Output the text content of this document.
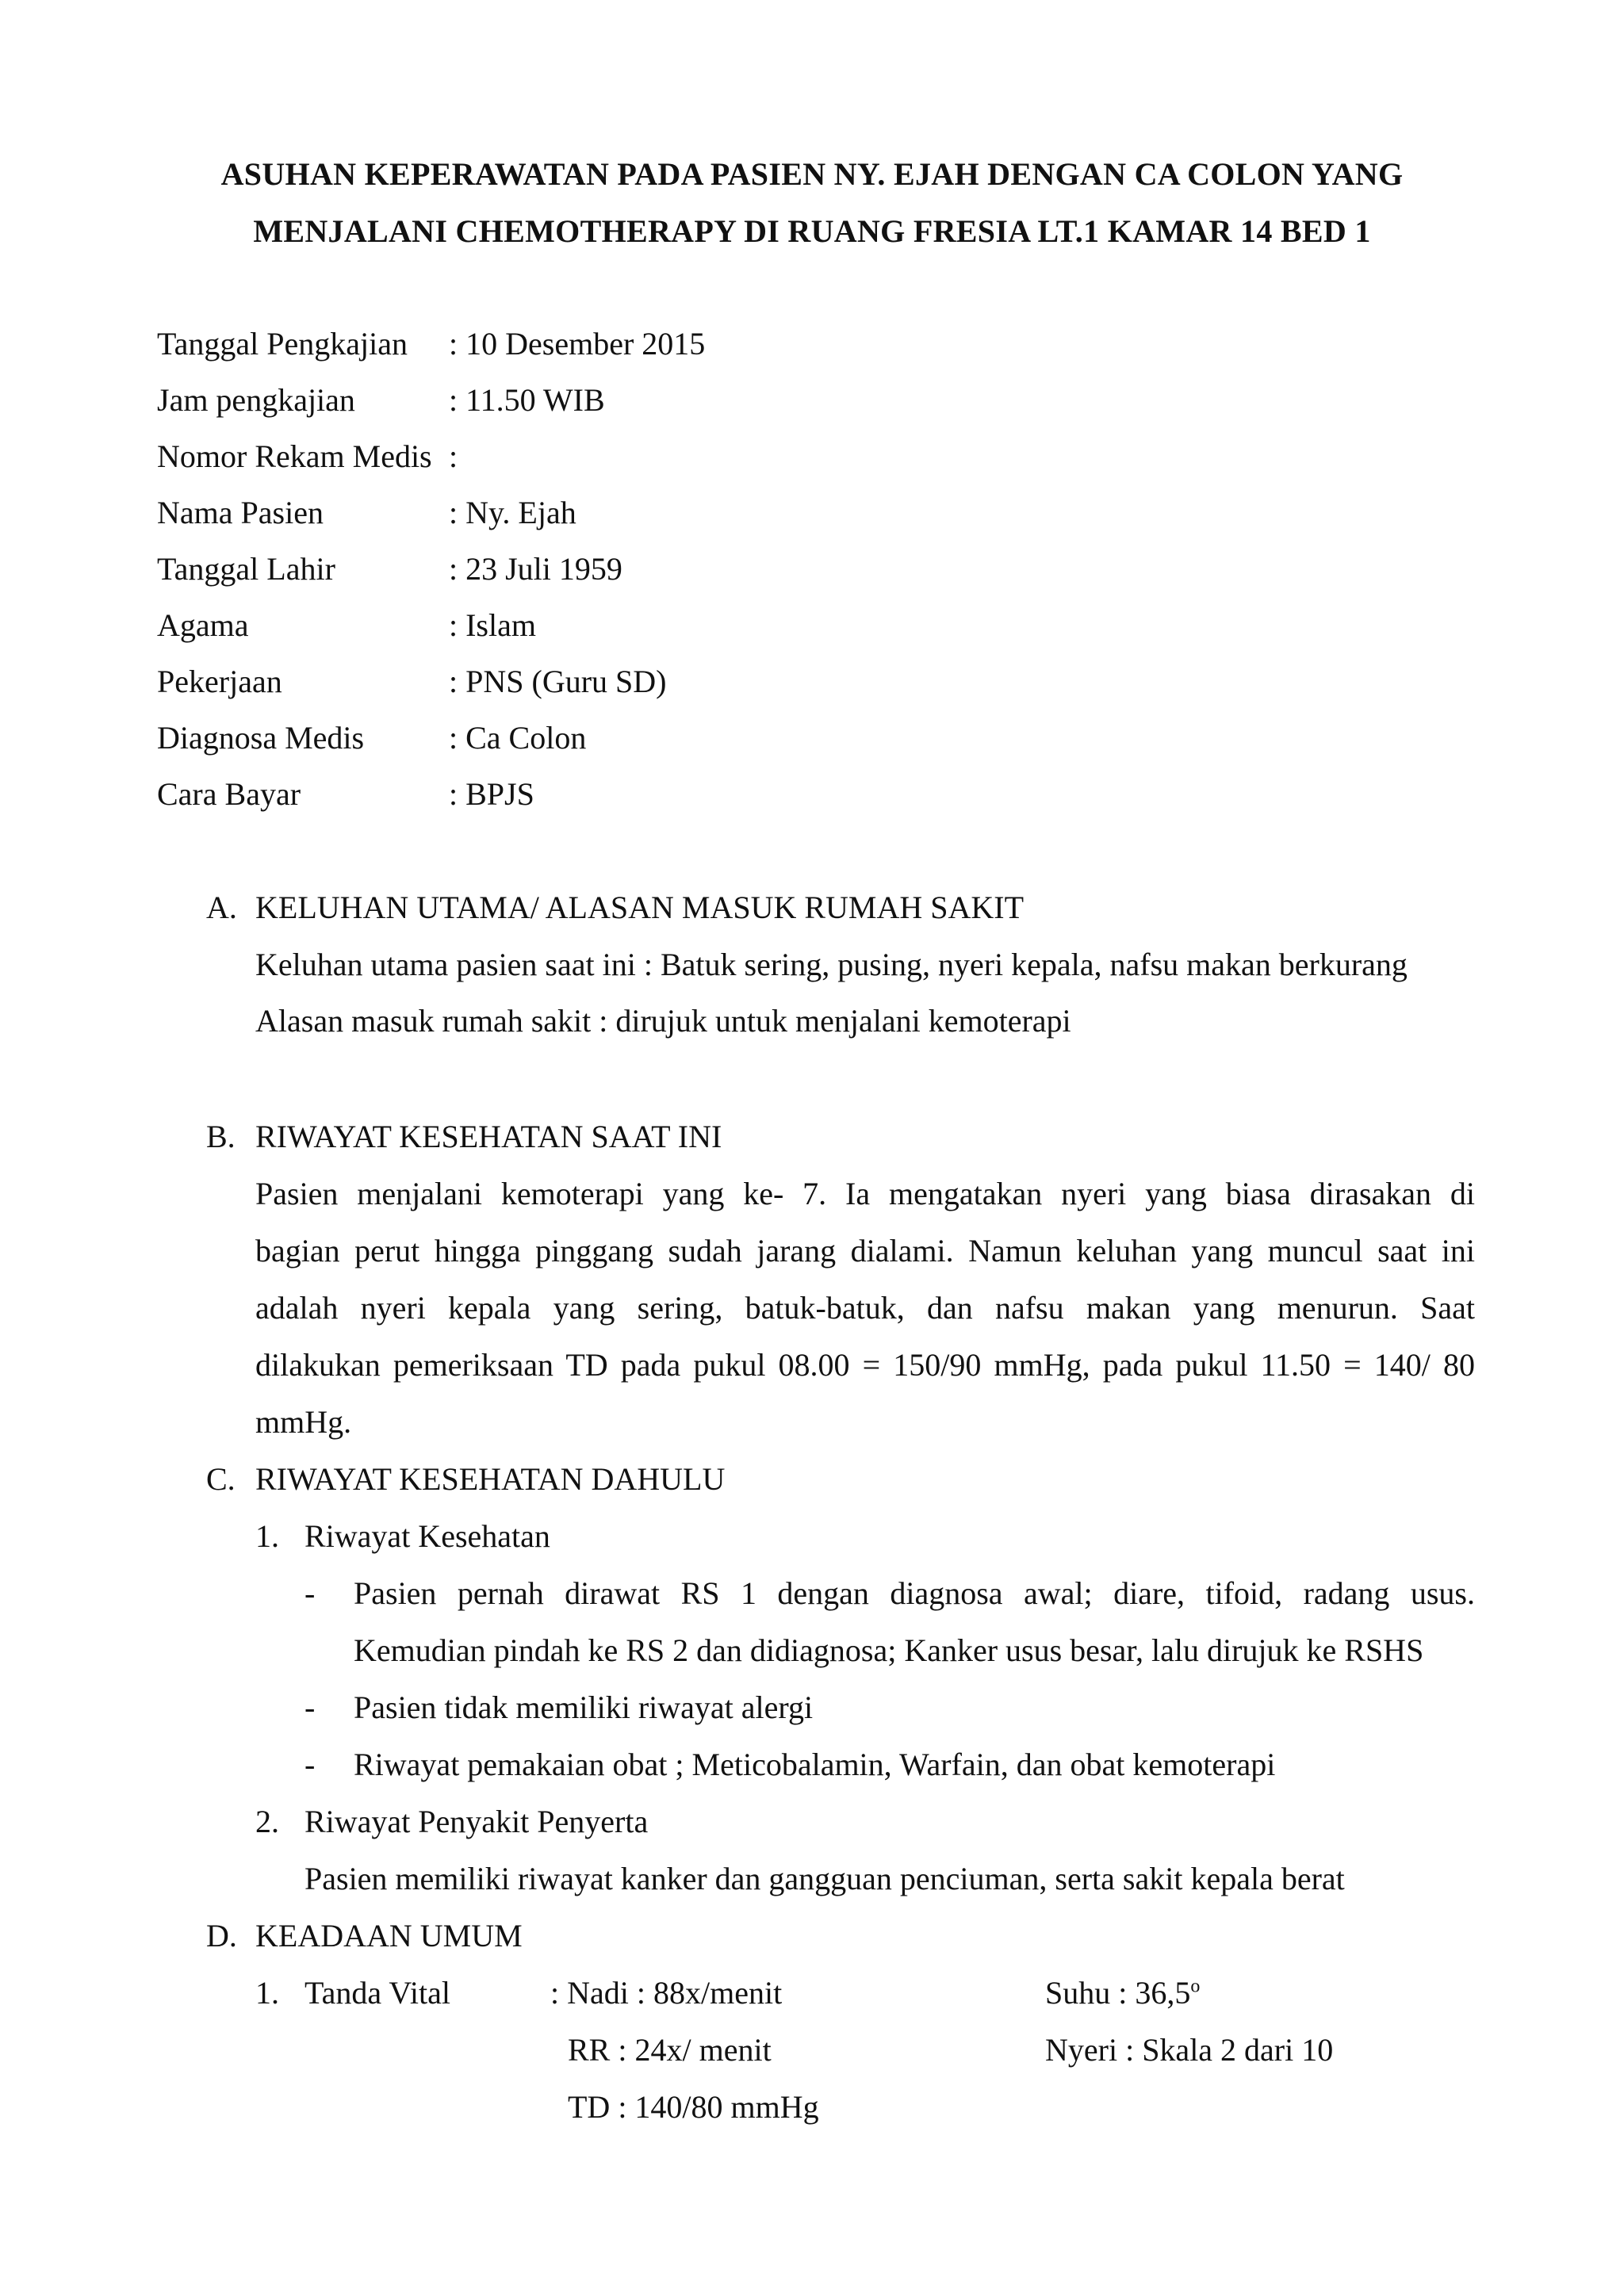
ASUHAN KEPERAWATAN PADA PASIEN NY. EJAH DENGAN CA COLON YANG
MENJALANI CHEMOTHERAPY DI RUANG FRESIA LT.1 KAMAR 14 BED 1
Tanggal Pengkajian : 10 Desember 2015
Jam pengkajian	: 11.50 WIB
Nomor Rekam Medis :
Nama Pasien	: Ny. Ejah
Tanggal Lahir	: 23 Juli 1959
Agama	: Islam
Pekerjaan	: PNS (Guru SD)
Diagnosa Medis	: Ca Colon
Cara Bayar	: BPJS
A. KELUHAN UTAMA/ ALASAN MASUK RUMAH SAKIT
Keluhan utama pasien saat ini : Batuk sering, pusing, nyeri kepala, nafsu makan berkurang
Alasan masuk rumah sakit : dirujuk untuk menjalani kemoterapi
B. RIWAYAT KESEHATAN SAAT INI
Pasien menjalani kemoterapi yang ke- 7. Ia mengatakan nyeri yang biasa dirasakan di
bagian perut hingga pinggang sudah jarang dialami. Namun keluhan yang muncul saat ini
adalah nyeri kepala yang sering, batuk-batuk, dan nafsu makan yang menurun. Saat
dilakukan pemeriksaan TD pada pukul 08.00 = 150/90 mmHg, pada pukul 11.50 = 140/ 80
mmHg.
C. RIWAYAT KESEHATAN DAHULU
1. Riwayat Kesehatan
- Pasien pernah dirawat RS 1 dengan diagnosa awal; diare, tifoid, radang usus.
Kemudian pindah ke RS 2 dan didiagnosa; Kanker usus besar, lalu dirujuk ke RSHS
- Pasien tidak memiliki riwayat alergi
- Riwayat pemakaian obat ; Meticobalamin, Warfain, dan obat kemoterapi
2. Riwayat Penyakit Penyerta
Pasien memiliki riwayat kanker dan gangguan penciuman, serta sakit kepala berat
D. KEADAAN UMUM
1. Tanda Vital	: Nadi : 88x/menit	Suhu : 36,5$^o$
RR : 24x/ menit	Nyeri : Skala 2 dari 10
TD : 140/80 mmHg
